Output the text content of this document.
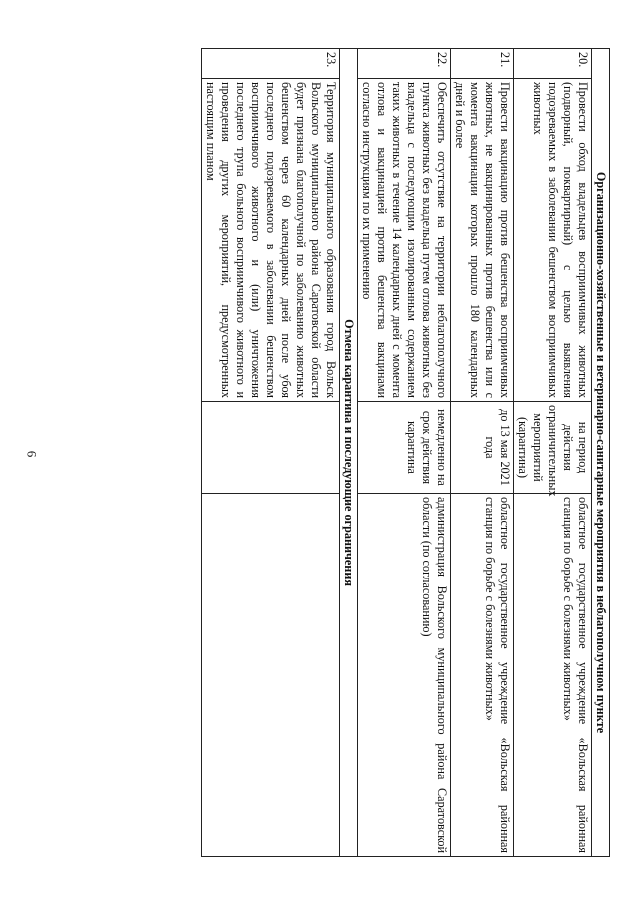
6	Организационно-хозяйственные и ветеринарно-санитарные мероприятия в неблагополучном пункте			
20.	Провести обход владельцев восприимчивых животных (подворный, поквартирный) с целью выявления подозреваемых в заболевании бешенством восприимчивых животных	на период действия ограничительных мероприятий (карантина)	областное государственное учреждение «Вольская районная станция по борьбе с болезнями животных»
21.	Провести вакцинацию против бешенства восприимчивых животных, не вакцинированных против бешенства или с момента вакцинации которых прошло 180 календарных дней и более	до 13 мая 2021 года	областное государственное учреждение «Вольская районная станция по борьбе с болезнями животных»
22.	Обеспечить отсутствие на территории неблагополучного пункта животных без владельца путем отлова животных без владельца с последующим изолированным содержанием таких животных в течение 14 календарных дней с момента отлова и вакцинацией против бешенства вакцинами согласно инструкциям по их применению	немедленно на срок действия карантина	администрация Вольского муниципального района Саратовской области (по согласованию)
Отмена карантина и последующие ограничения			
23.	Территория муниципального образования город Вольск Вольского муниципального района Саратовской области будет признана благополучной по заболеванию животных бешенством через 60 календарных дней после убоя последнего подозреваемого в заболевании бешенством восприимчивого животного и (или) уничтожения последнего трупа больного восприимчивого животного и проведения других мероприятий, предусмотренных настоящим планом		
